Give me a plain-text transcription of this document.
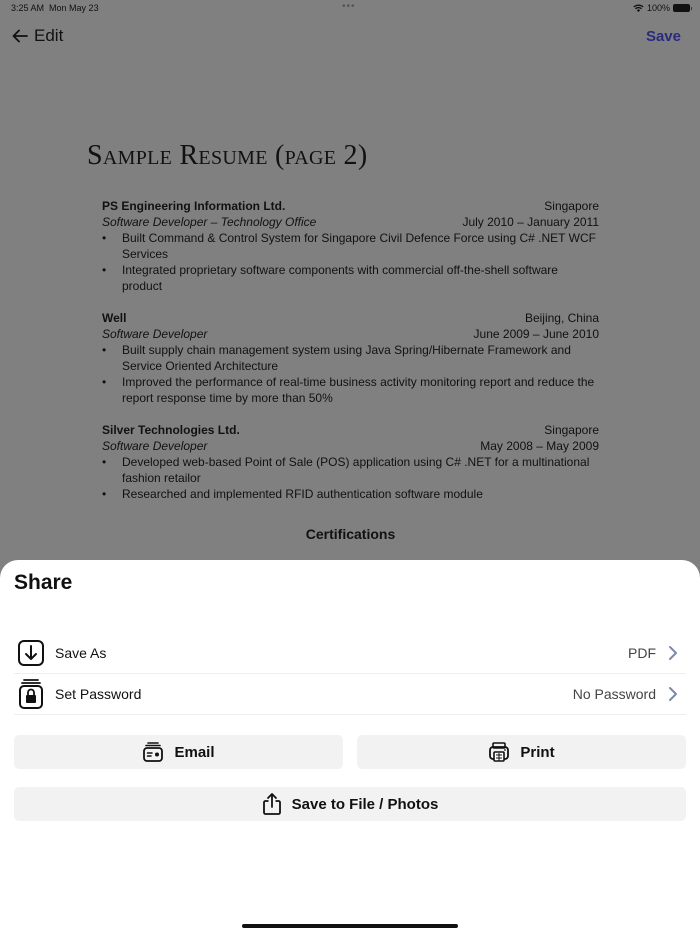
3:25 AM Mon May 23	•••	100%
Edit	Save
Sample Resume (page 2)
PS Engineering Information Ltd.	Singapore
Software Developer – Technology Office	July 2010 – January 2011
• Built Command & Control System for Singapore Civil Defence Force using C# .NET WCF Services
• Integrated proprietary software components with commercial off-the-shell software product
Well	Beijing, China
Software Developer	June 2009 – June 2010
• Built supply chain management system using Java Spring/Hibernate Framework and Service Oriented Architecture
• Improved the performance of real-time business activity monitoring report and reduce the report response time by more than 50%
Silver Technologies Ltd.	Singapore
Software Developer	May 2008 – May 2009
• Developed web-based Point of Sale (POS) application using C# .NET for a multinational fashion retailor
• Researched and implemented RFID authentication software module
Certifications
Share
Save As	PDF
Set Password	No Password
Email	Print
Save to File / Photos
